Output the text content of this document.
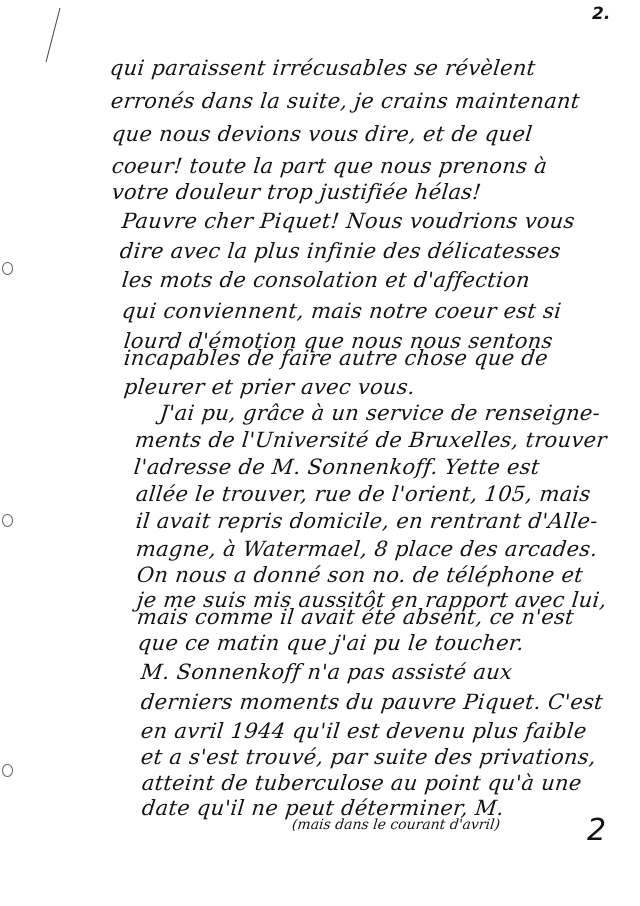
2.
qui paraissent irrécusables se révèlent
erronés dans la suite, je crains maintenant
que nous devions vous dire, et de quel
coeur! toute la part que nous prenons à
votre douleur trop justifiée hélas!
Pauvre cher Piquet! Nous voudrions vous
dire avec la plus infinie des délicatesses
les mots de consolation et d'affection
qui conviennent, mais notre coeur est si
lourd d'émotion que nous nous sentons
incapables de faire autre chose que de
pleurer et prier avec vous.
J'ai pu, grâce à un service de renseigne-
ments de l'Université de Bruxelles, trouver
l'adresse de M. Sonnenkoff. Yette est
allée le trouver, rue de l'orient, 105, mais
il avait repris domicile, en rentrant d'Alle-
magne, à Watermael, 8 place des arcades.
On nous a donné son no. de téléphone et
je me suis mis aussitôt en rapport avec lui,
mais comme il avait été absent, ce n'est
que ce matin que j'ai pu le toucher.
M. Sonnenkoff n'a pas assisté aux
derniers moments du pauvre Piquet. C'est
en avril 1944 qu'il est devenu plus faible
et a s'est trouvé, par suite des privations,
atteint de tuberculose au point qu'à une
date qu'il ne peut déterminer, M.
(mais dans le courant d'avril)	2
